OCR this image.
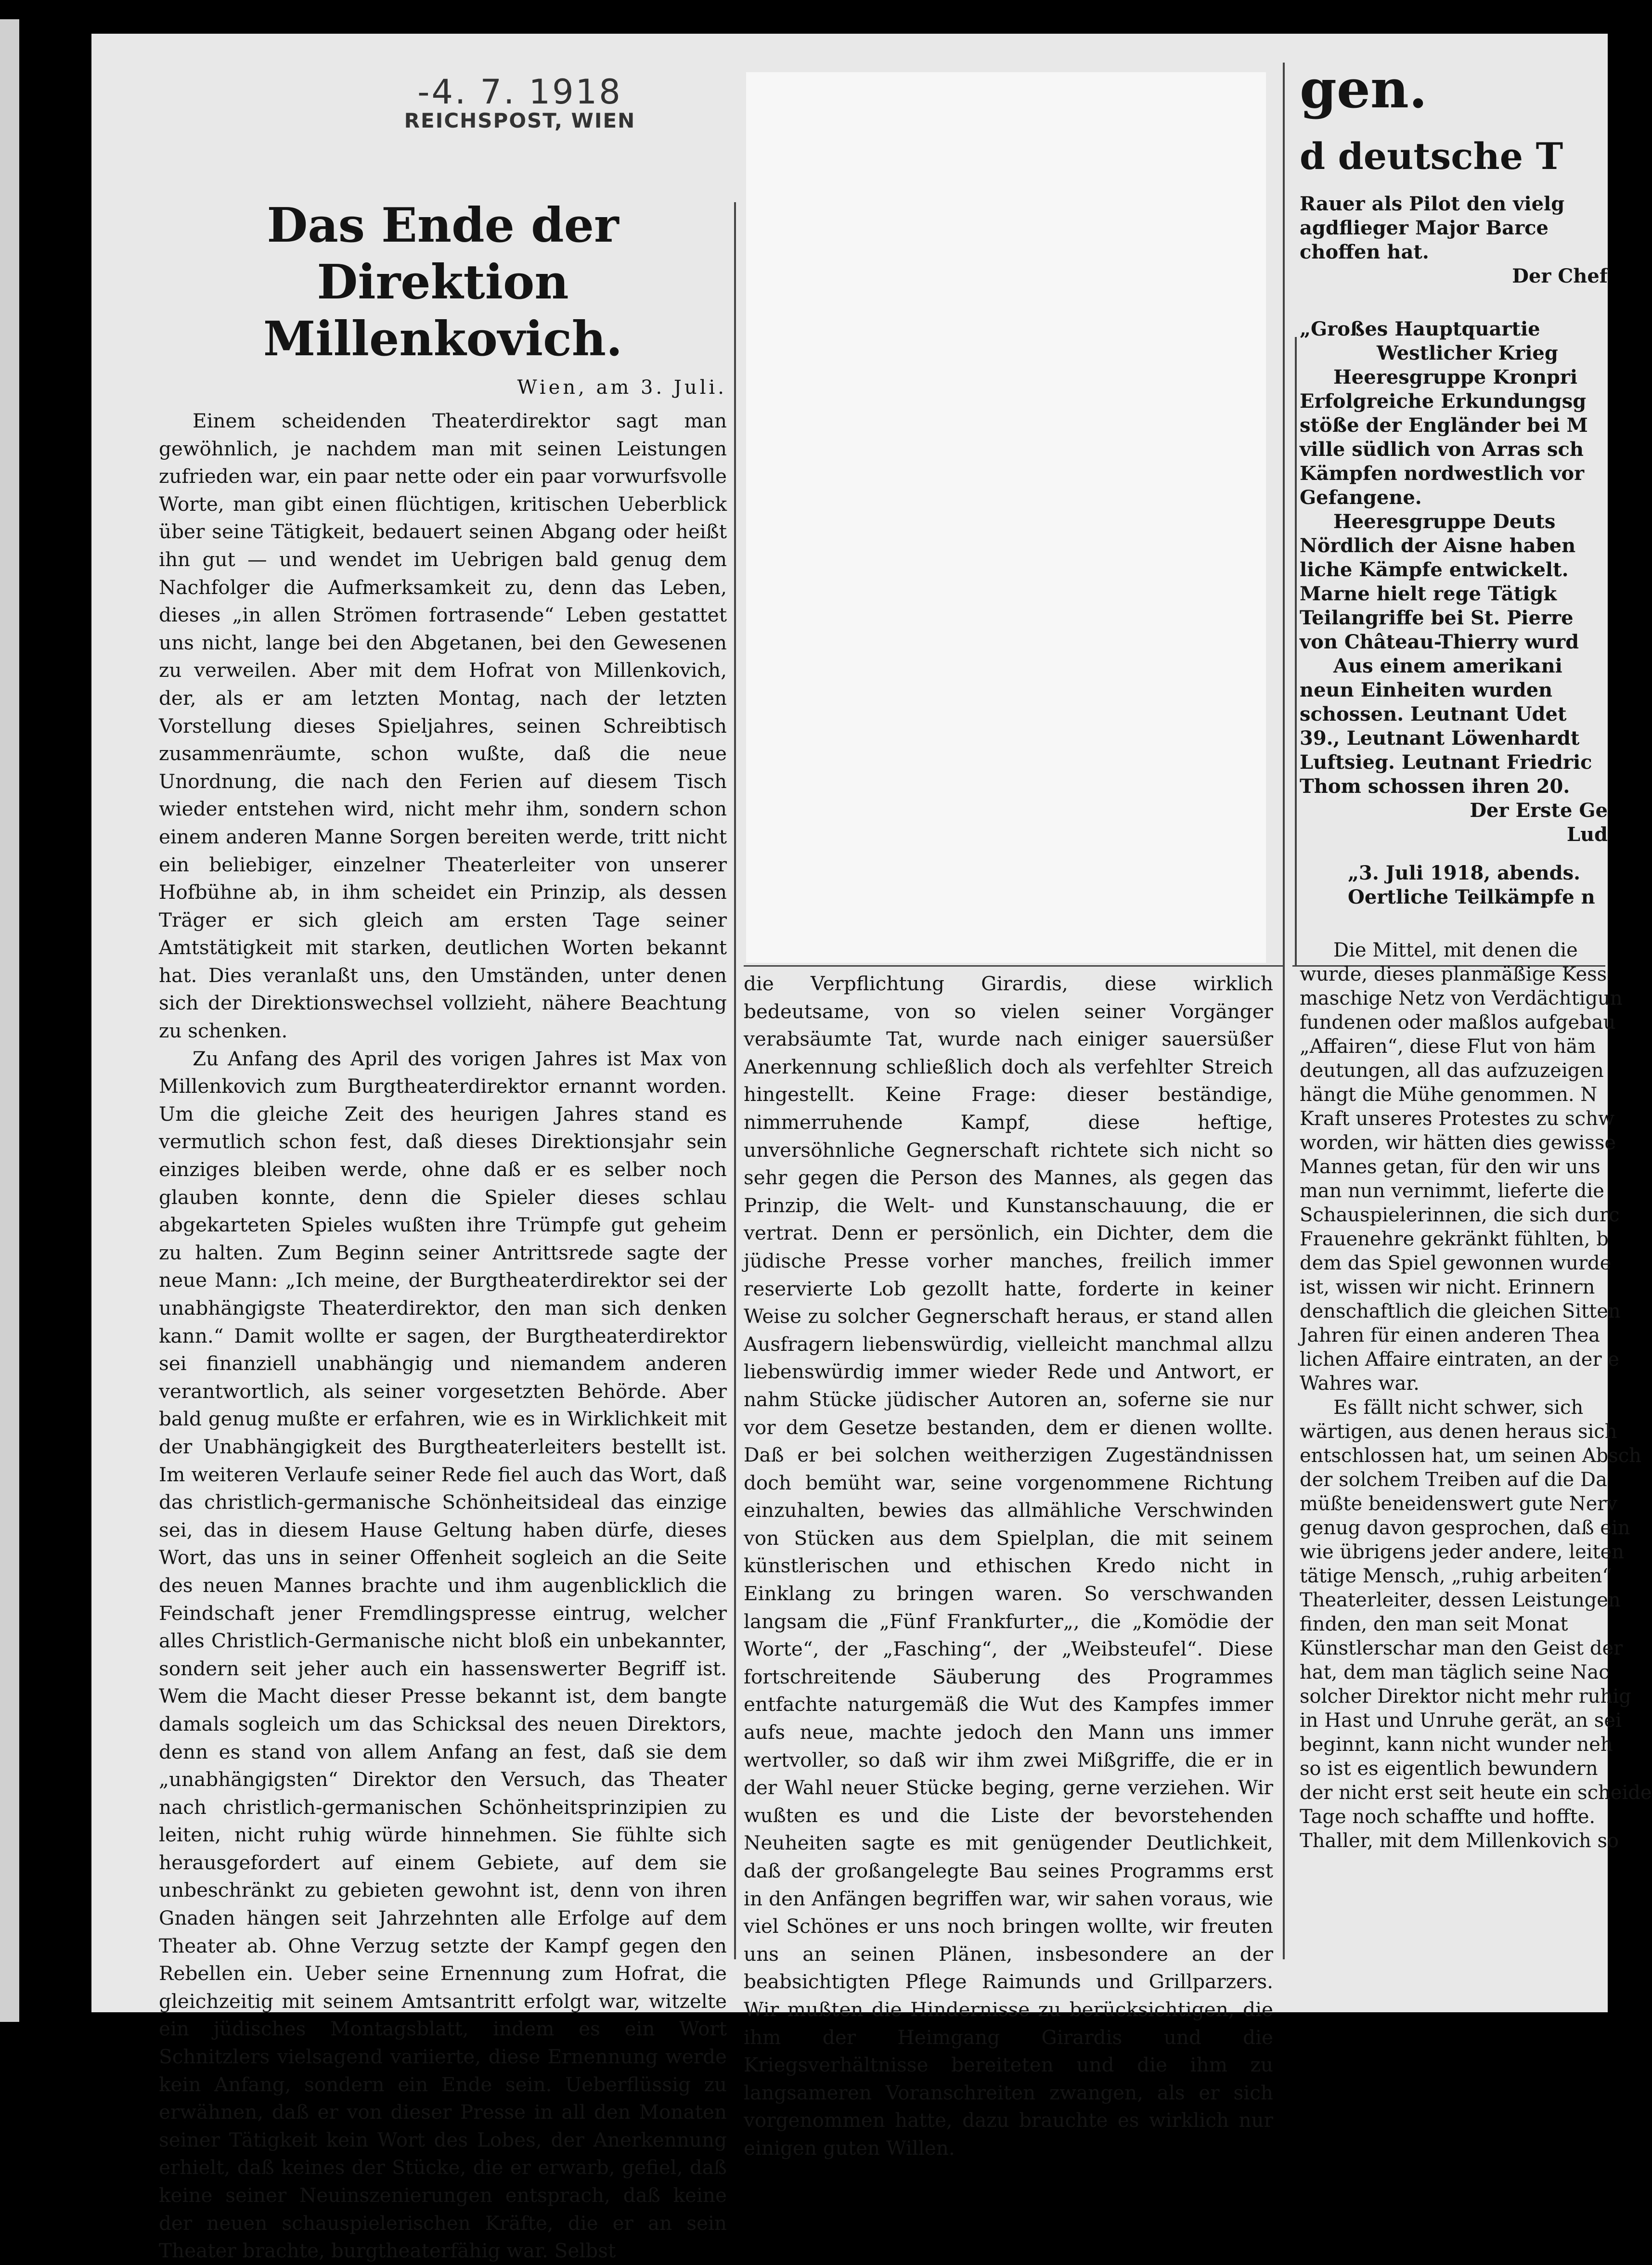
-4. 7. 1918
REICHSPOST, WIEN
Das Ende der Direktion Millenkovich.
Wien, am 3. Juli.

Einem scheidenden Theaterdirektor sagt man gewöhnlich, je nachdem man mit seinen Leistungen zufrieden war, ein paar nette oder ein paar vorwurfsvolle Worte, man gibt einen flüchtigen, kritischen Ueberblick über seine Tätigkeit, bedauert seinen Abgang oder heißt ihn gut — und wendet im Uebrigen bald genug dem Nachfolger die Aufmerksamkeit zu, denn das Leben, dieses „in allen Strömen fortrasende“ Leben gestattet uns nicht, lange bei den Abgetanen, bei den Gewesenen zu verweilen. Aber mit dem Hofrat von Millenkovich, der, als er am letzten Montag, nach der letzten Vorstellung dieses Spieljahres, seinen Schreibtisch zusammenräumte, schon wußte, daß die neue Unordnung, die nach den Ferien auf diesem Tisch wieder entstehen wird, nicht mehr ihm, sondern schon einem anderen Manne Sorgen bereiten werde, tritt nicht ein beliebiger, einzelner Theaterleiter von unserer Hofbühne ab, in ihm scheidet ein Prinzip, als dessen Träger er sich gleich am ersten Tage seiner Amtstätigkeit mit starken, deutlichen Worten bekannt hat. Dies veranlaßt uns, den Umständen, unter denen sich der Direktionswechsel vollzieht, nähere Beachtung zu schenken.

Zu Anfang des April des vorigen Jahres ist Max von Millenkovich zum Burgtheaterdirektor ernannt worden. Um die gleiche Zeit des heurigen Jahres stand es vermutlich schon fest, daß dieses Direktionsjahr sein einziges bleiben werde, ohne daß er es selber noch glauben konnte, denn die Spieler dieses schlau abgekarteten Spieles wußten ihre Trümpfe gut geheim zu halten. Zum Beginn seiner Antrittsrede sagte der neue Mann: „Ich meine, der Burgtheaterdirektor sei der unabhängigste Theaterdirektor, den man sich denken kann.“ Damit wollte er sagen, der Burgtheaterdirektor sei finanziell unabhängig und niemandem anderen verantwortlich, als seiner vorgesetzten Behörde. Aber bald genug mußte er erfahren, wie es in Wirklichkeit mit der Unabhängigkeit des Burgtheaterleiters bestellt ist. Im weiteren Verlaufe seiner Rede fiel auch das Wort, daß das christlich-germanische Schönheitsideal das einzige sei, das in diesem Hause Geltung haben dürfe, dieses Wort, das uns in seiner Offenheit sogleich an die Seite des neuen Mannes brachte und ihm augenblicklich die Feindschaft jener Fremdlingspresse eintrug, welcher alles Christlich-Germanische nicht bloß ein unbekannter, sondern seit jeher auch ein hassenswerter Begriff ist. Wem die Macht dieser Presse bekannt ist, dem bangte damals sogleich um das Schicksal des neuen Direktors, denn es stand von allem Anfang an fest, daß sie dem „unabhängigsten“ Direktor den Versuch, das Theater nach christlich-germanischen Schönheitsprinzipien zu leiten, nicht ruhig würde hinnehmen. Sie fühlte sich herausgefordert auf einem Gebiete, auf dem sie unbeschränkt zu gebieten gewohnt ist, denn von ihren Gnaden hängen seit Jahrzehnten alle Erfolge auf dem Theater ab. Ohne Verzug setzte der Kampf gegen den Rebellen ein. Ueber seine Ernennung zum Hofrat, die gleichzeitig mit seinem Amtsantritt erfolgt war, witzelte ein jüdisches Montagsblatt, indem es ein Wort Schnitzlers vielsagend variierte, diese Ernennung werde kein Anfang, sondern ein Ende sein. Ueberflüssig zu erwähnen, daß er von dieser Presse in all den Monaten seiner Tätigkeit kein Wort des Lobes, der Anerkennung erhielt, daß keines der Stücke, die er erwarb, gefiel, daß keine seiner Neuinszenierungen entsprach, daß keine der neuen schauspielerischen Kräfte, die er an sein Theater brachte, burgtheaterfähig war. Selbst

die Verpflichtung Girardis, diese wirklich bedeutsame, von so vielen seiner Vorgänger verabsäumte Tat, wurde nach einiger sauersüßer Anerkennung schließlich doch als verfehlter Streich hingestellt. Keine Frage: dieser beständige, nimmerruhende Kampf, diese heftige, unversöhnliche Gegnerschaft richtete sich nicht so sehr gegen die Person des Mannes, als gegen das Prinzip, die Welt- und Kunstanschauung, die er vertrat. Denn er persönlich, ein Dichter, dem die jüdische Presse vorher manches, freilich immer reservierte Lob gezollt hatte, forderte in keiner Weise zu solcher Gegnerschaft heraus, er stand allen Ausfragern liebenswürdig, vielleicht manchmal allzu liebenswürdig immer wieder Rede und Antwort, er nahm Stücke jüdischer Autoren an, soferne sie nur vor dem Gesetze bestanden, dem er dienen wollte. Daß er bei solchen weitherzigen Zugeständnissen doch bemüht war, seine vorgenommene Richtung einzuhalten, bewies das allmähliche Verschwinden von Stücken aus dem Spielplan, die mit seinem künstlerischen und ethischen Kredo nicht in Einklang zu bringen waren. So verschwanden langsam die „Fünf Frankfurter„, die „Komödie der Worte“, der „Fasching“, der „Weibsteufel“. Diese fortschreitende Säuberung des Programmes entfachte naturgemäß die Wut des Kampfes immer aufs neue, machte jedoch den Mann uns immer wertvoller, so daß wir ihm zwei Mißgriffe, die er in der Wahl neuer Stücke beging, gerne verziehen. Wir wußten es und die Liste der bevorstehenden Neuheiten sagte es mit genügender Deutlichkeit, daß der großangelegte Bau seines Programms erst in den Anfängen begriffen war, wir sahen voraus, wie viel Schönes er uns noch bringen wollte, wir freuten uns an seinen Plänen, insbesondere an der beabsichtigten Pflege Raimunds und Grillparzers. Wir mußten die Hindernisse zu berücksichtigen, die ihm der Heimgang Girardis und die Kriegsverhältnisse bereiteten und die ihm zu langsameren Voranschreiten zwangen, als er sich vorgenommen hatte, dazu brauchte es wirklich nur einigen guten Willen.

gen.
d deutsche T

Rauer als Pilot den vielg

agdflieger Major Barce

choffen hat.

Der Chef

„Großes Hauptquartie

Westlicher Krieg

Heeresgruppe Kronpri

Erfolgreiche Erkundungsg

stöße der Engländer bei M

ville südlich von Arras sch

Kämpfen nordwestlich vor

Gefangene.

Heeresgruppe Deuts

Nördlich der Aisne haben

liche Kämpfe entwickelt.

Marne hielt rege Tätigk

Teilangriffe bei St. Pierre

von Château-Thierry wurd

Aus einem amerikani

neun Einheiten wurden

schossen. Leutnant Udet

39., Leutnant Löwenhardt

Luftsieg. Leutnant Friedric

Thom schossen ihren 20.

Der Erste Ge

Lud

„3. Juli 1918, abends.

Oertliche Teilkämpfe n

Die Mittel, mit denen die

wurde, dieses planmäßige Kess

maschige Netz von Verdächtigun

fundenen oder maßlos aufgebau

„Affairen“, diese Flut von häm

deutungen, all das aufzuzeigen

hängt die Mühe genommen. N

Kraft unseres Protestes zu schw

worden, wir hätten dies gewisse

Mannes getan, für den wir uns

man nun vernimmt, lieferte die

Schauspielerinnen, die sich durc

Frauenehre gekränkt fühlten, b

dem das Spiel gewonnen wurde

ist, wissen wir nicht. Erinnern

denschaftlich die gleichen Sitten

Jahren für einen anderen Thea

lichen Affaire eintraten, an der e

Wahres war.

Es fällt nicht schwer, sich

wärtigen, aus denen heraus sich

entschlossen hat, um seinen Absch

der solchem Treiben auf die Da

müßte beneidenswert gute Nerv

genug davon gesprochen, daß ein

wie übrigens jeder andere, leiten

tätige Mensch, „ruhig arbeiten“

Theaterleiter, dessen Leistungen

finden, den man seit Monat

Künstlerschar man den Geist der

hat, dem man täglich seine Nac

solcher Direktor nicht mehr ruhig

in Hast und Unruhe gerät, an sei

beginnt, kann nicht wunder neh

so ist es eigentlich bewundern

der nicht erst seit heute ein scheide

Tage noch schaffte und hoffte.

Thaller, mit dem Millenkovich so
